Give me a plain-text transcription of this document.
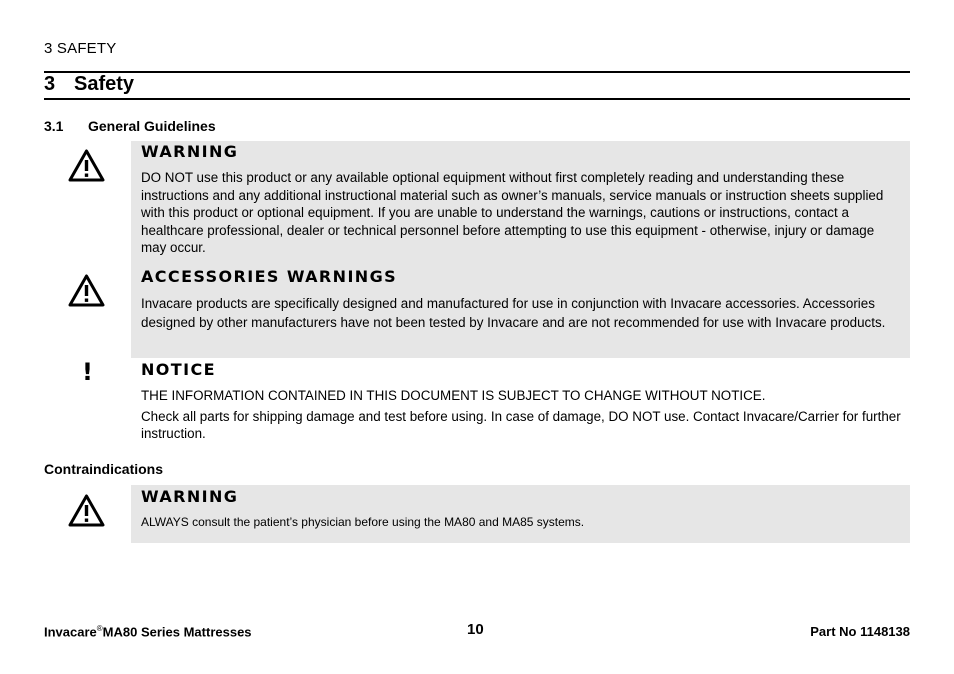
3 SAFETY
3 Safety
3.1 General Guidelines
WARNING

DO NOT use this product or any available optional equipment without first completely reading and understanding these instructions and any additional instructional material such as owner’s manuals, service manuals or instruction sheets supplied with this product or optional equipment. If you are unable to understand the warnings, cautions or instructions, contact a healthcare professional, dealer or technical personnel before attempting to use this equipment - otherwise, injury or damage may occur.

ACCESSORIES WARNINGS

Invacare products are specifically designed and manufactured for use in conjunction with Invacare accessories. Accessories designed by other manufacturers have not been tested by Invacare and are not recommended for use with Invacare products.

!	NOTICE

THE INFORMATION CONTAINED IN THIS DOCUMENT IS SUBJECT TO CHANGE WITHOUT NOTICE.

Check all parts for shipping damage and test before using. In case of damage, DO NOT use. Contact Invacare/Carrier for further instruction.

Contraindications
WARNING

ALWAYS consult the patient’s physician before using the MA80 and MA85 systems.

Invacare®MA80 Series Mattresses	10	Part No 1148138
